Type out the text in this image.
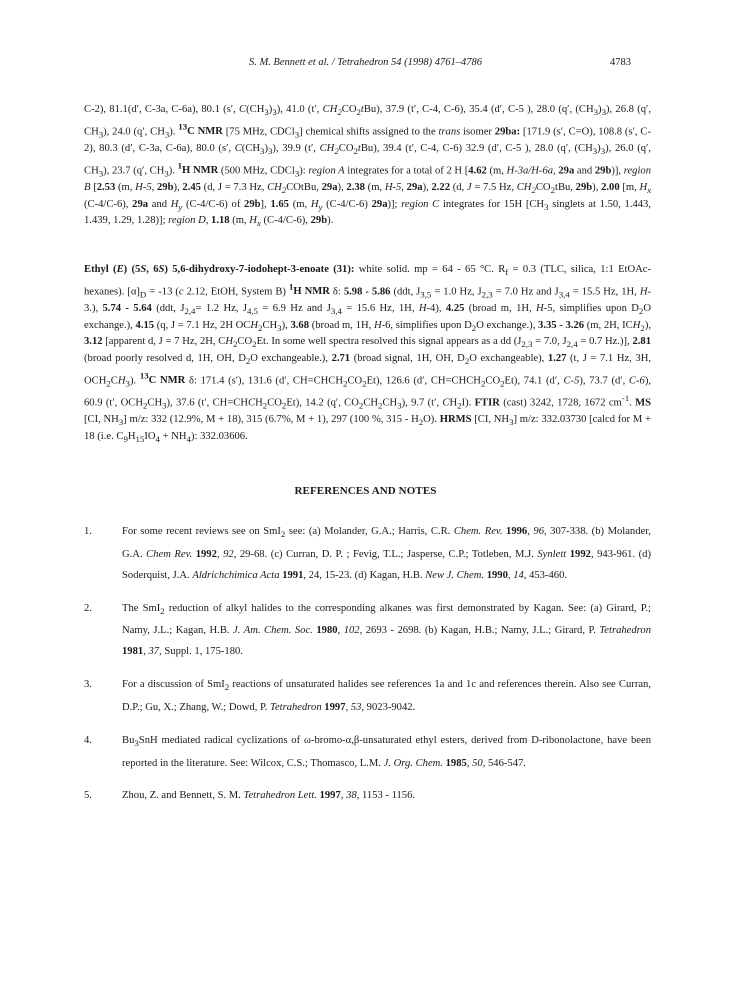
S. M. Bennett et al. / Tetrahedron 54 (1998) 4761–4786	4783

C-2), 81.1(d′, C-3a, C-6a), 80.1 (s′, $C(CH_3)_3$), 41.0 (t′, $CH_2CO_2tBu$), 37.9 (t′, C-4, C-6), 35.4 (d′, C-5 ), 28.0 (q′, $(CH_3)_3$), 26.8 (q′, $CH_3$), 24.0 (q′, $CH_3$). $^{13}$C NMR [75 MHz, CDCl$_3$] chemical shifts assigned to the trans isomer 29ba: [171.9 (s′, C=O), 108.8 (s′, C-2), 80.3 (d′, C-3a, C-6a), 80.0 (s′, $C(CH_3)_3$), 39.9 (t′, $CH_2CO_2tBu$), 39.4 (t′, C-4, C-6) 32.9 (d′, C-5 ), 28.0 (q′, $(CH_3)_3$), 26.0 (q′, $CH_3$), 23.7 (q′, $CH_3$). $^1$H NMR (500 MHz, CDCl$_3$): region A integrates for a total of 2 H [4.62 (m, H-3a/H-6a, 29a and 29b)], region B [2.53 (m, H-5, 29b), 2.45 (d, J = 7.3 Hz, $CH_2COtBu$, 29a), 2.38 (m, H-5, 29a), 2.22 (d, J = 7.5 Hz, $CH_2CO_2tBu$, 29b), 2.00 [m, $H_x$ (C-4/C-6), 29a and $H_y$ (C-4/C-6) of 29b], 1.65 (m, $H_y$ (C-4/C-6) 29a)]; region C integrates for 15H [$CH_3$ singlets at 1.50, 1.443, 1.439, 1.29, 1.28)]; region D, 1.18 (m, $H_x$ (C-4/C-6), 29b).

Ethyl (E) (5S, 6S) 5,6-dihydroxy-7-iodohept-3-enoate (31): white solid. mp = 64 - 65 °C. $R_f = 0.3$ (TLC, silica, 1:1 EtOAc-hexanes). $[\alpha]_D = -13$ (c 2.12, EtOH, System B) $^1$H NMR δ: 5.98 - 5.86 (ddt, $J_{3,5} = 1.0$ Hz, $J_{2,3} = 7.0$ Hz and $J_{3,4} = 15.5$ Hz, 1H, H-3.), 5.74 - 5.64 (ddt, $J_{2,4}= 1.2$ Hz, $J_{4,5} = 6.9$ Hz and $J_{3,4} = 15.6$ Hz, 1H, H-4), 4.25 (broad m, 1H, H-5, simplifies upon $D_2O$ exchange.), 4.15 (q, J = 7.1 Hz, 2H $OCH_2CH_3$), 3.68 (broad m, 1H, H-6, simplifies upon $D_2O$ exchange.), 3.35 - 3.26 (m, 2H, $ICH_2$), 3.12 [apparent d, J = 7 Hz, 2H, $CH_2CO_2Et$. In some well spectra resolved this signal appears as a dd ($J_{2,3} = 7.0$, $J_{2,4} = 0.7$ Hz.)], 2.81 (broad poorly resolved d, 1H, OH, $D_2O$ exchangeable.), 2.71 (broad signal, 1H, OH, $D_2O$ exchangeable), 1.27 (t, J = 7.1 Hz, 3H, $OCH_2CH_3$). $^{13}$C NMR δ: 171.4 (s′), 131.6 (d′, $CH=CHCH_2CO_2Et$), 126.6 (d′, $CH=CHCH_2CO_2Et$), 74.1 (d′, C-5), 73.7 (d′, C-6), 60.9 (t′, $OCH_2CH_3$), 37.6 (t′, $CH=CHCH_2CO_2Et$), 14.2 (q′, $CO_2CH_2CH_3$), 9.7 (t′, $CH_2I$). FTIR (cast) 3242, 1728, 1672 $cm^{-1}$. MS [CI, $NH_3$] m/z: 332 (12.9%, M + 18), 315 (6.7%, M + 1), 297 (100 %, $315 - H_2O$). HRMS [CI, $NH_3$] m/z: 332.03730 [calcd for M + 18 (i.e. $C_9H_{15}IO_4 + NH_4$): 332.03606.

REFERENCES AND NOTES
1.	For some recent reviews see on SmI$_2$ see: (a) Molander, G.A.; Harris, C.R. Chem. Rev. 1996, 96, 307-338. (b) Molander, G.A. Chem Rev. 1992, 92, 29-68. (c) Curran, D. P. ; Fevig, T.L.; Jasperse, C.P.; Totleben, M.J. Synlett 1992, 943-961. (d) Soderquist, J.A. Aldrichchimica Acta 1991, 24, 15-23. (d) Kagan, H.B. New J. Chem. 1990, 14, 453-460.
2.	The SmI$_2$ reduction of alkyl halides to the corresponding alkanes was first demonstrated by Kagan. See: (a) Girard, P.; Namy, J.L.; Kagan, H.B. J. Am. Chem. Soc. 1980, 102, 2693 - 2698. (b) Kagan, H.B.; Namy, J.L.; Girard, P. Tetrahedron 1981, 37, Suppl. 1, 175-180.
3.	For a discussion of SmI$_2$ reactions of unsaturated halides see references 1a and 1c and references therein. Also see Curran, D.P.; Gu, X.; Zhang, W.; Dowd, P. Tetrahedron 1997, 53, 9023-9042.
4.	$Bu_3SnH$ mediated radical cyclizations of ω-bromo-α,β-unsaturated ethyl esters, derived from D-ribonolactone, have been reported in the literature. See: Wilcox, C.S.; Thomasco, L.M. J. Org. Chem. 1985, 50, 546-547.
5.	Zhou, Z. and Bennett, S. M. Tetrahedron Lett. 1997, 38, 1153 - 1156.
